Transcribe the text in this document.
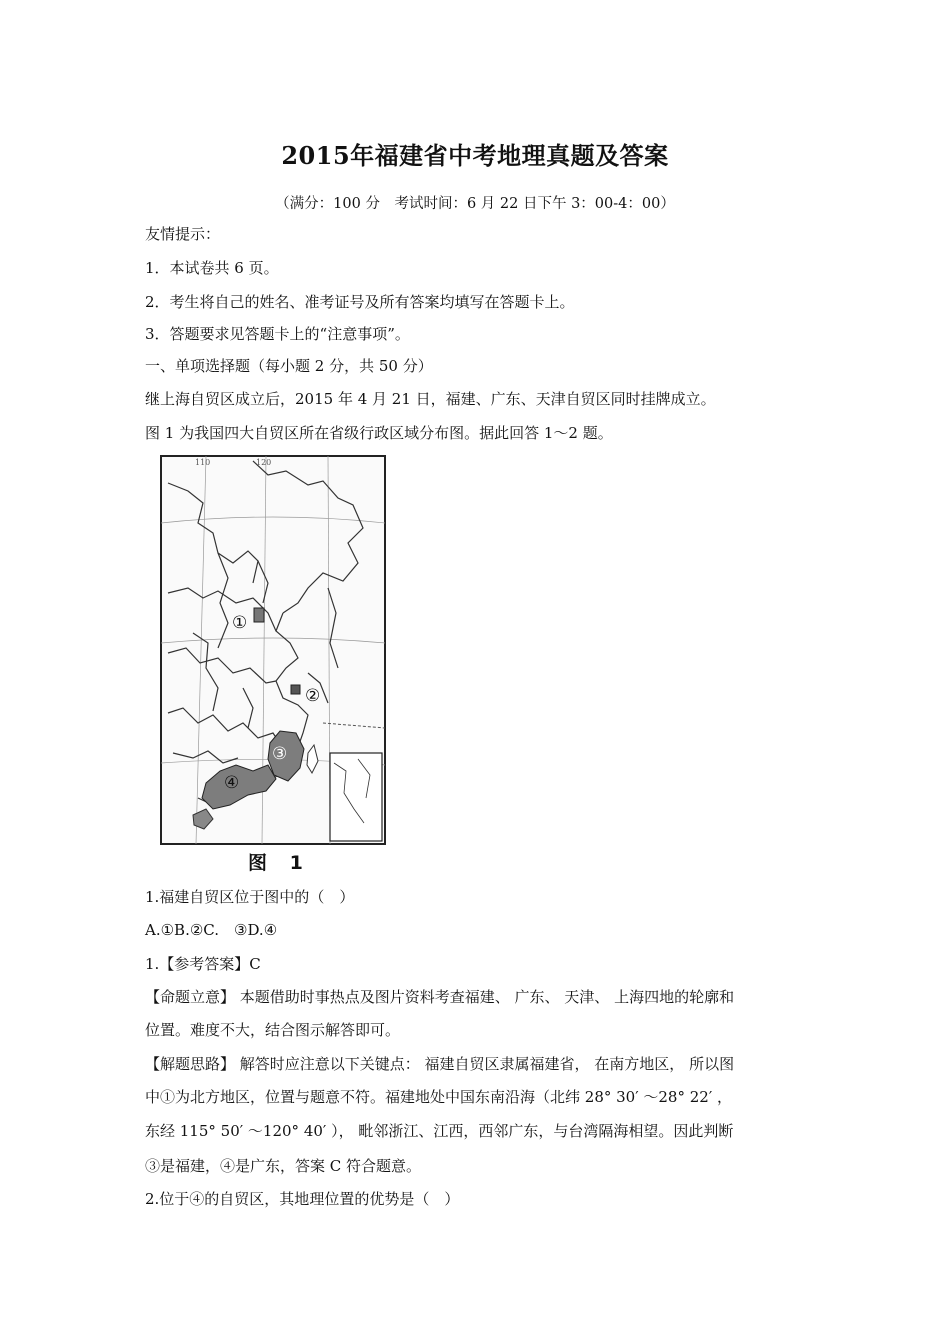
2015年福建省中考地理真题及答案
（满分：100 分　考试时间：6 月 22 日下午 3：00-4：00）
友情提示：
1．本试卷共 6 页。
2．考生将自己的姓名、准考证号及所有答案均填写在答题卡上。
3．答题要求见答题卡上的“注意事项”。
一、单项选择题（每小题 2 分，共 50 分）
继上海自贸区成立后，2015 年 4 月 21 日，福建、广东、天津自贸区同时挂牌成立。
图 1 为我国四大自贸区所在省级行政区域分布图。据此回答 1～2 题。
110	120
①
②
③
④
图 1
1.福建自贸区位于图中的（　）
A.①B.②C.　③D.④
1.【参考答案】C
【命题立意】 本题借助时事热点及图片资料考查福建、 广东、 天津、 上海四地的轮廓和
位置。难度不大，结合图示解答即可。
【解题思路】 解答时应注意以下关键点： 福建自贸区隶属福建省， 在南方地区， 所以图
中①为北方地区，位置与题意不符。福建地处中国东南沿海（北纬 28° 30′ ～28° 22′ ，
东经 115° 50′ ～120° 40′ ）， 毗邻浙江、江西，西邻广东，与台湾隔海相望。因此判断
③是福建，④是广东，答案 C 符合题意。
2.位于④的自贸区，其地理位置的优势是（　）
